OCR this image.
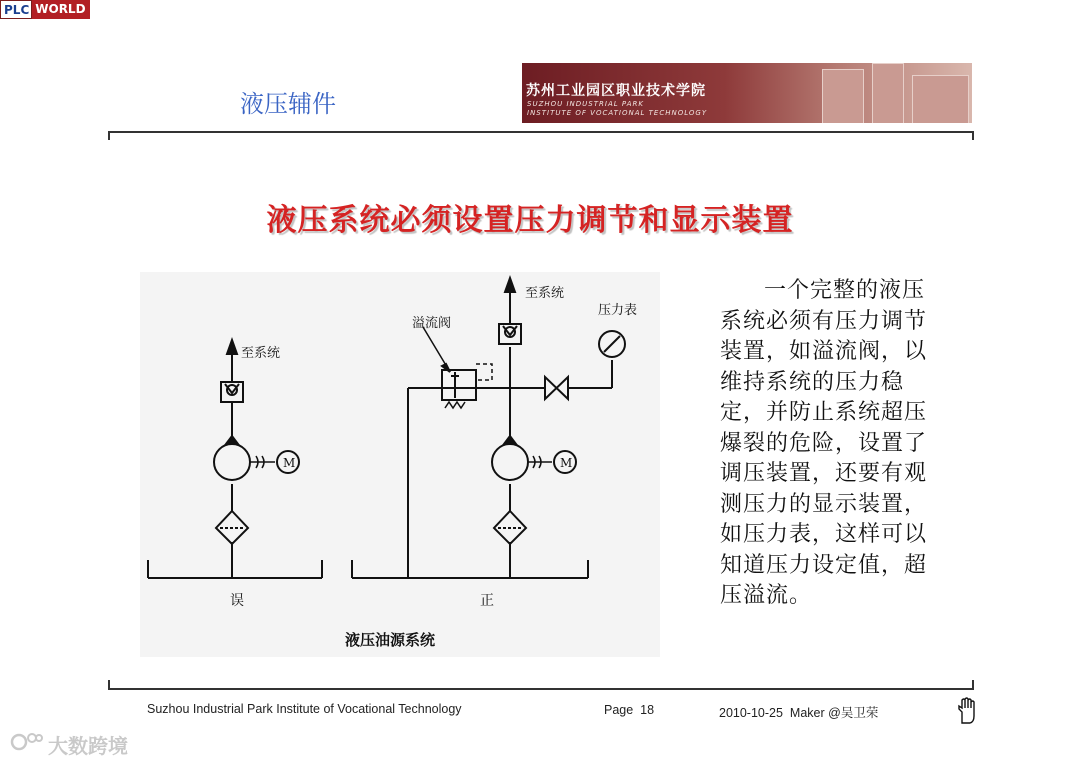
PLC WORLD
液压辅件	苏州工业园区职业技术学院
SUZHOU INDUSTRIAL PARK
INSTITUTE OF VOCATIONAL TECHNOLOGY
液压系统必须设置压力调节和显示装置
至系统
至系统
溢流阀
压力表
M	M
误	正
液压油源系统
一个完整的液压系统必须有压力调节装置，如溢流阀，以维持系统的压力稳定，并防止系统超压爆裂的危险，设置了调压装置，还要有观测压力的显示装置，如压力表，这样可以知道压力设定值，超压溢流。
Suzhou Industrial Park Institute of Vocational Technology	Page 18	2010-10-25 Maker @吴卫荣
大数跨境
